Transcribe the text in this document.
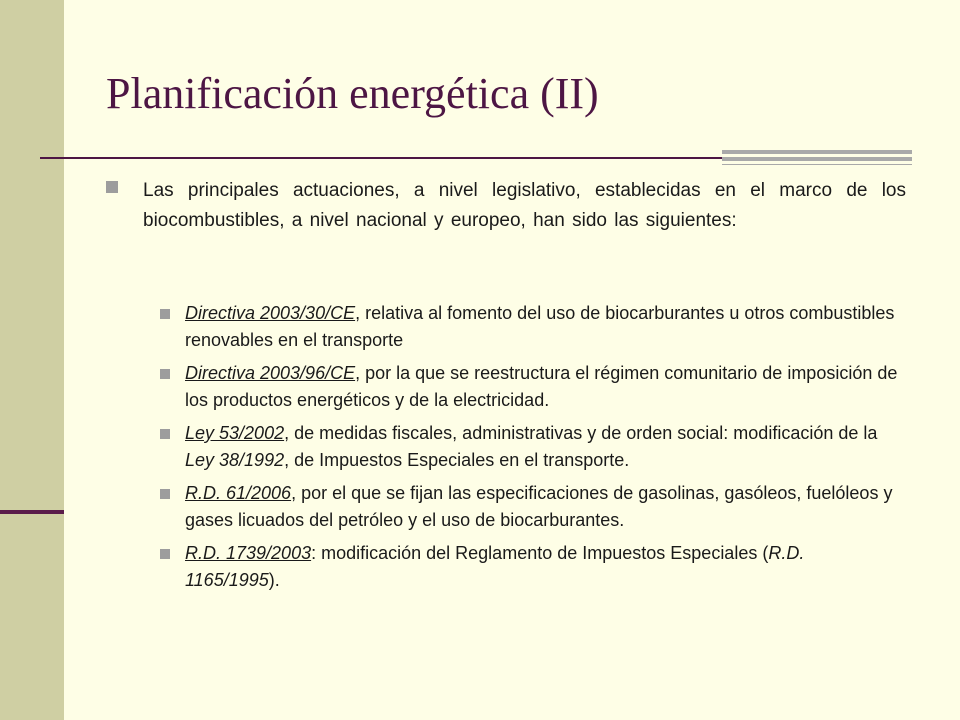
Planificación energética (II)

Las principales actuaciones, a nivel legislativo, establecidas en el marco de los biocombustibles, a nivel nacional y europeo, han sido las siguientes:

Directiva 2003/30/CE, relativa al fomento del uso de biocarburantes u otros combustibles renovables en el transporte
Directiva 2003/96/CE, por la que se reestructura el régimen comunitario de imposición de los productos energéticos y de la electricidad.
Ley 53/2002, de medidas fiscales, administrativas y de orden social: modificación de la Ley 38/1992, de Impuestos Especiales en el transporte.
R.D. 61/2006, por el que se fijan las especificaciones de gasolinas, gasóleos, fuelóleos y gases licuados del petróleo y el uso de biocarburantes.
R.D. 1739/2003: modificación del Reglamento de Impuestos Especiales (R.D. 1165/1995).
